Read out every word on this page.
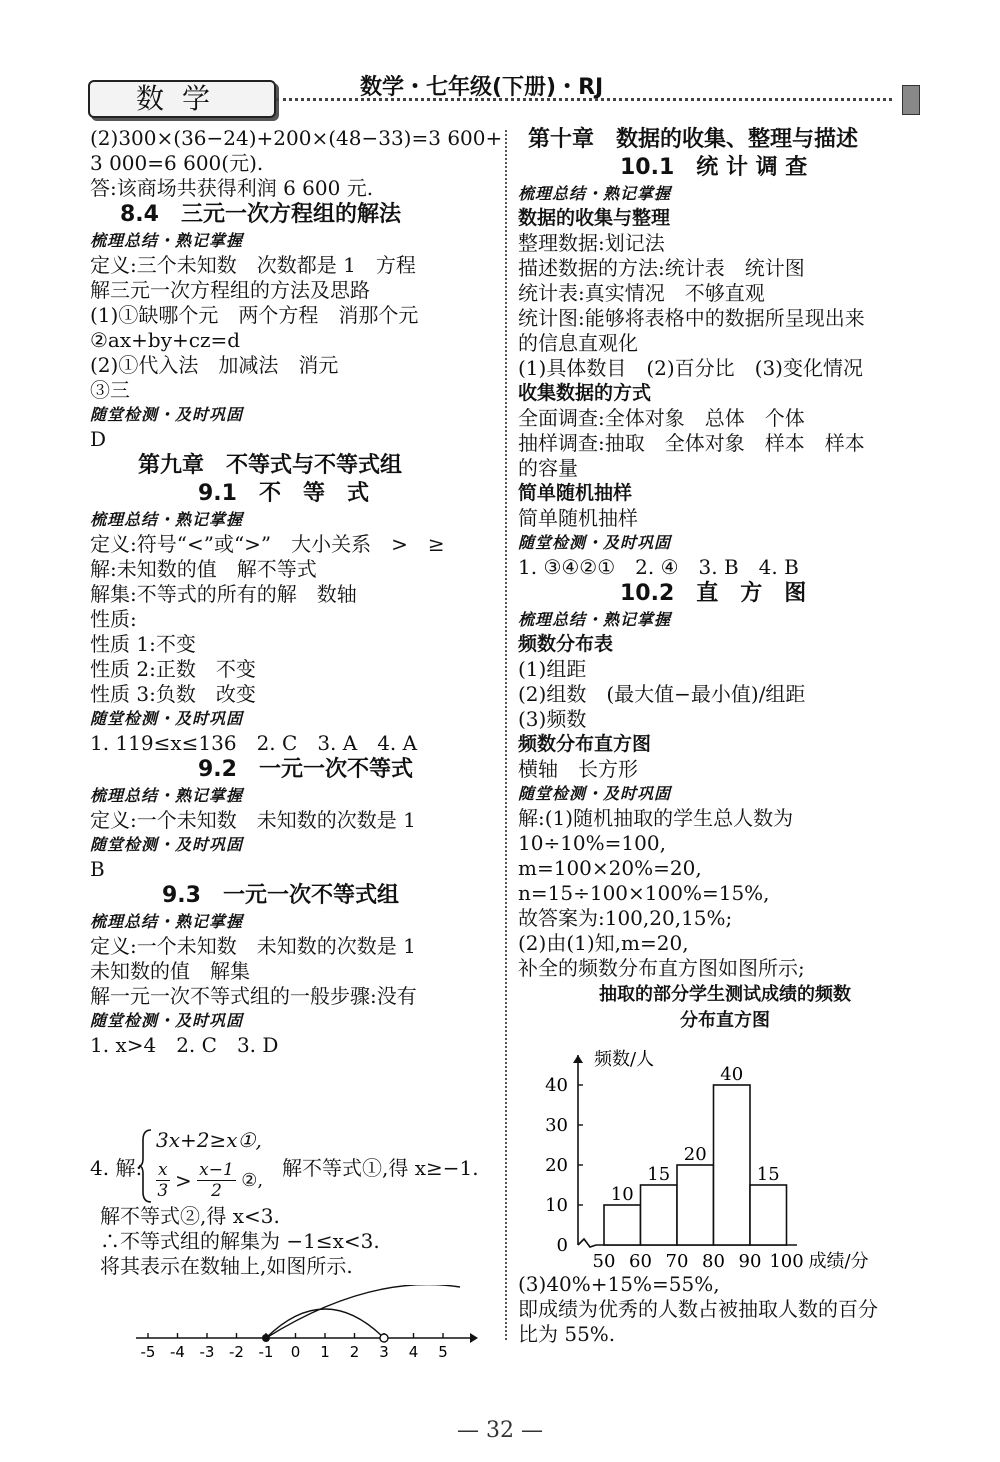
数学	数学・七年级(下册)・RJ
(2)300×(36−24)+200×(48−33)=3 600+
3 000=6 600(元).
答:该商场共获得利润 6 600 元.
8.4　三元一次方程组的解法
梳理总结・熟记掌握
定义:三个未知数　次数都是 1　方程
解三元一次方程组的方法及思路
(1)①缺哪个元　两个方程　消那个元
②ax+by+cz=d
(2)①代入法　加减法　消元
③三
随堂检测・及时巩固
D
第九章　不等式与不等式组
9.1　不　等　式
梳理总结・熟记掌握
定义:符号“<”或“>”　大小关系　>　≥
解:未知数的值　解不等式
解集:不等式的所有的解　数轴
性质:
性质 1:不变
性质 2:正数　不变
性质 3:负数　改变
随堂检测・及时巩固
1. 119≤x≤136　2. C　3. A　4. A
9.2　一元一次不等式
梳理总结・熟记掌握
定义:一个未知数　未知数的次数是 1
随堂检测・及时巩固
B
9.3　一元一次不等式组
梳理总结・熟记掌握
定义:一个未知数　未知数的次数是 1
未知数的值　解集
解一元一次不等式组的一般步骤:没有
随堂检测・及时巩固
1. x>4　2. C　3. D
4. 解:
3x+2≥x①,
$\frac{x}{3} > \frac{x-1}{2}$ ②,
解不等式①,得 x≥−1.
解不等式②,得 x<3.
∴不等式组的解集为 −1≤x<3.
将其表示在数轴上,如图所示.
-5 -4 -3 -2 -1 0 1 2 3 4 5
第十章　数据的收集、整理与描述
10.1　统 计 调 查
梳理总结・熟记掌握
数据的收集与整理
整理数据:划记法
描述数据的方法:统计表　统计图
统计表:真实情况　不够直观
统计图:能够将表格中的数据所呈现出来
的信息直观化
(1)具体数目　(2)百分比　(3)变化情况
收集数据的方式
全面调查:全体对象　总体　个体
抽样调查:抽取　全体对象　样本　样本
的容量
简单随机抽样
简单随机抽样
随堂检测・及时巩固
1. ③④②①　2. ④　3. B　4. B
10.2　直　方　图
梳理总结・熟记掌握
频数分布表
(1)组距
(2)组数　(最大值−最小值)/组距
(3)频数
频数分布直方图
横轴　长方形
随堂检测・及时巩固
解:(1)随机抽取的学生总人数为
10÷10%=100,
m=100×20%=20,
n=15÷100×100%=15%,
故答案为:100,20,15%;
(2)由(1)知,m=20,
补全的频数分布直方图如图所示;
抽取的部分学生测试成绩的频数
分布直方图
频数/人
成绩/分
0
10
20
30
40
50 60 70 80 90 100
10
15
20
40
15
(3)40%+15%=55%,
即成绩为优秀的人数占被抽取人数的百分
比为 55%.
— 32 —
